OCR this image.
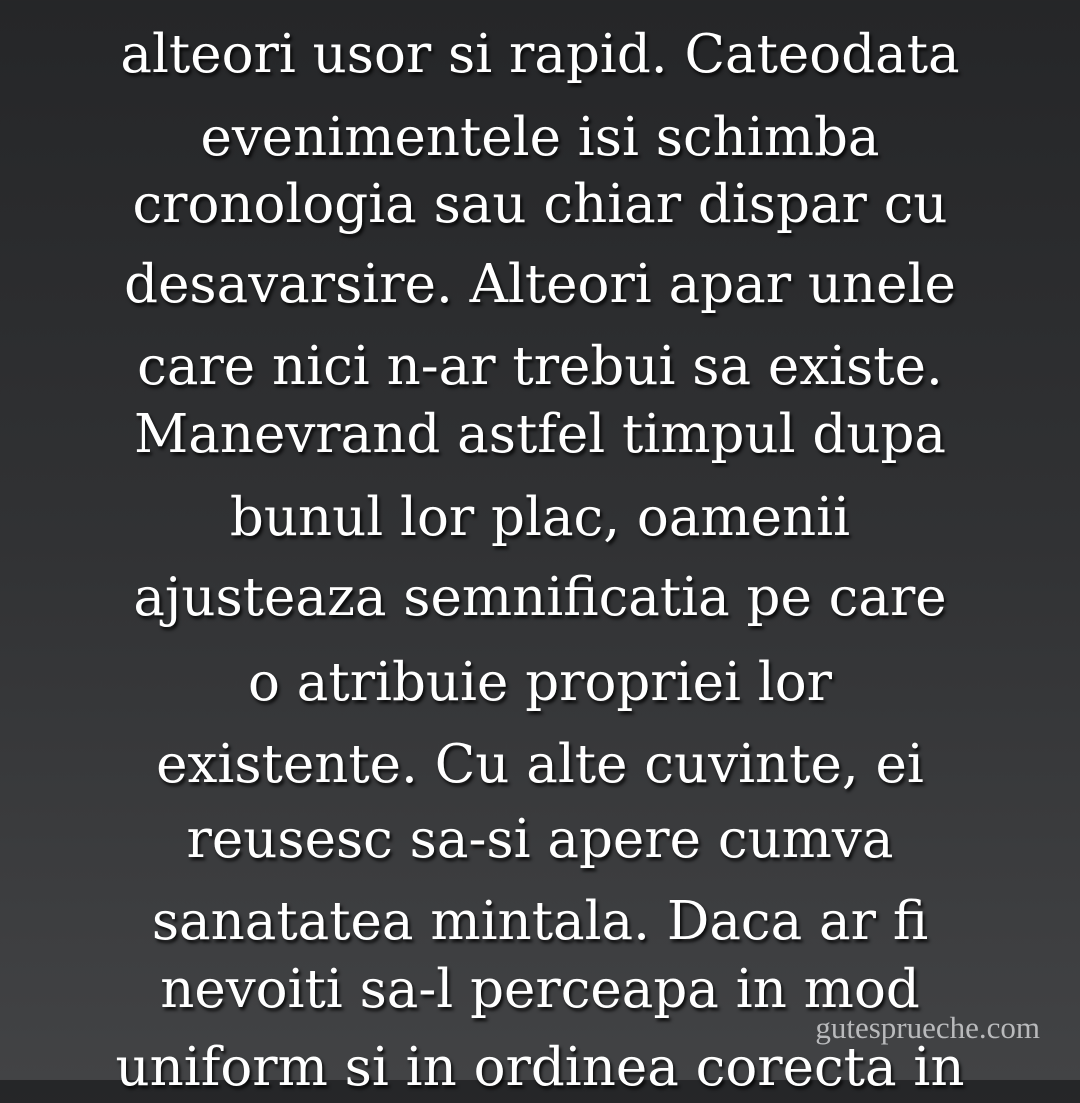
alteori usor si rapid. Cateodata
evenimentele isi schimba
cronologia sau chiar dispar cu
desavarsire. Alteori apar unele
care nici n-ar trebui sa existe.
Manevrand astfel timpul dupa
bunul lor plac, oamenii
ajusteaza semnificatia pe care
o atribuie propriei lor
existente. Cu alte cuvinte, ei
reusesc sa-si apere cumva
sanatatea mintala. Daca ar fi
nevoiti sa-l perceapa in mod
uniform si in ordinea corecta in
gutesprueche.com
